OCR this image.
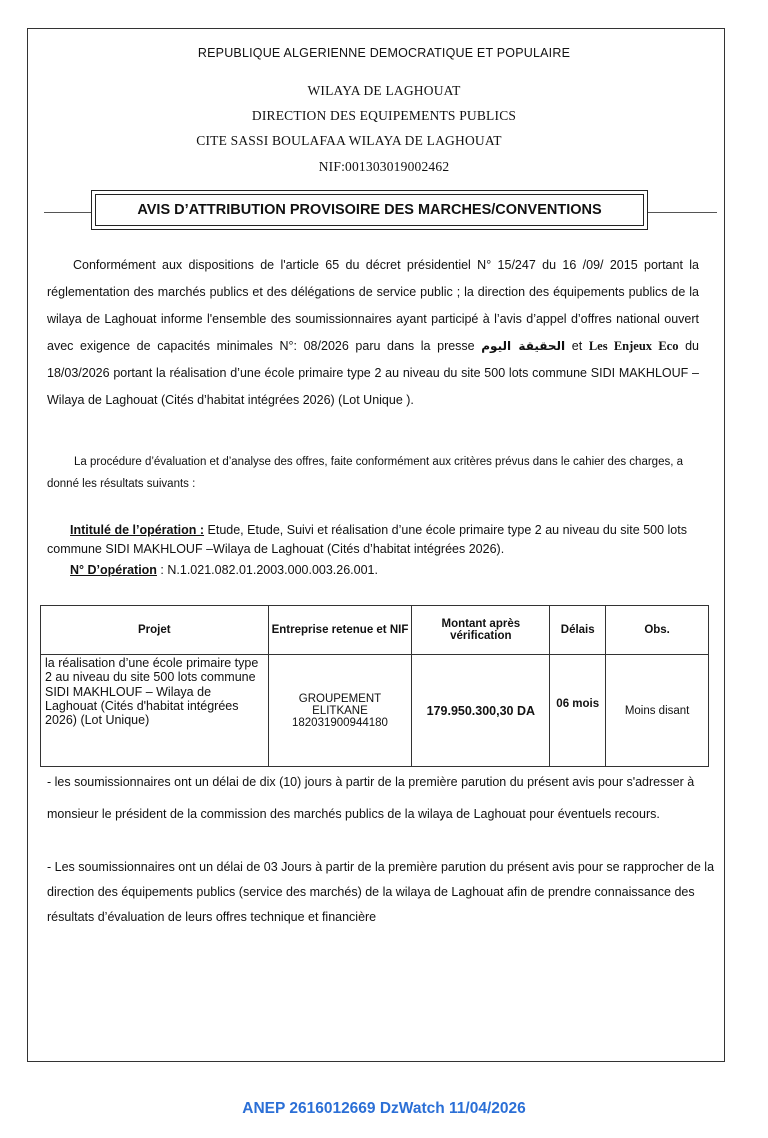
REPUBLIQUE ALGERIENNE DEMOCRATIQUE ET POPULAIRE
WILAYA DE LAGHOUAT
DIRECTION DES EQUIPEMENTS PUBLICS
CITE SASSI BOULAFAA WILAYA DE LAGHOUAT
NIF:001303019002462
AVIS D’ATTRIBUTION PROVISOIRE DES MARCHES/CONVENTIONS
Conformément aux dispositions de l'article 65 du décret présidentiel N° 15/247 du 16 /09/ 2015 portant la réglementation des marchés publics et des délégations de service public ; la direction des équipements publics de la wilaya de Laghouat informe l'ensemble des soumissionnaires ayant participé à l’avis d’appel d’offres national ouvert avec exigence de capacités minimales N°: 08/2026 paru dans la presse الحقيقة اليوم et Les Enjeux Eco du 18/03/2026 portant la réalisation d’une école primaire type 2 au niveau du site 500 lots commune SIDI MAKHLOUF –Wilaya de Laghouat (Cités d’habitat intégrées 2026) (Lot Unique ).
La procédure d’évaluation et d’analyse des offres, faite conformément aux critères prévus dans le cahier des charges, a donné les résultats suivants :
Intitulé de l’opération : Etude, Etude, Suivi et réalisation d’une école primaire type 2 au niveau du site 500 lots commune SIDI MAKHLOUF –Wilaya de Laghouat (Cités d’habitat intégrées 2026).
N° D’opération : N.1.021.082.01.2003.000.003.26.001.
Projet	Entreprise retenue et NIF	Montant après vérification	Délais	Obs.
la réalisation d’une école primaire type 2 au niveau du site 500 lots commune SIDI MAKHLOUF – Wilaya de Laghouat (Cités d'habitat intégrées 2026) (Lot Unique)	GROUPEMENT ELITKANE
182031900944180	179.950.300,30 DA	06 mois	Moins disant
- les soumissionnaires ont un délai de dix (10) jours à partir de la première parution du présent avis pour s'adresser à monsieur le président de la commission des marchés publics de la wilaya de Laghouat pour éventuels recours.
- Les soumissionnaires ont un délai de 03 Jours à partir de la première parution du présent avis pour se rapprocher de la direction des équipements publics (service des marchés) de la wilaya de Laghouat afin de prendre connaissance des résultats d’évaluation de leurs offres technique et financière
ANEP 2616012669 DzWatch 11/04/2026
